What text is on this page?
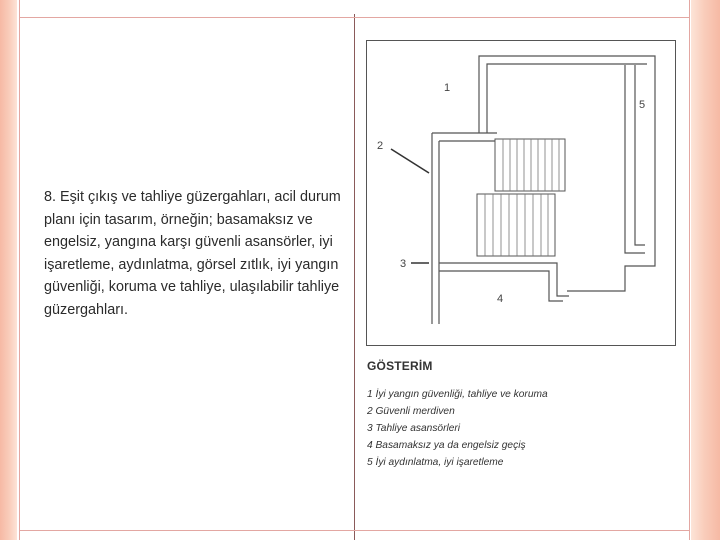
8. Eşit çıkış ve tahliye güzergahları, acil durum planı için tasarım, örneğin; basamaksız ve engelsiz, yangına karşı güvenli asansörler, iyi işaretleme, aydınlatma, görsel zıtlık, iyi yangın güvenliği, koruma ve tahliye, ulaşılabilir tahliye güzergahları.
1
2
3
4
5
GÖSTERİM
1 İyi yangın güvenliği, tahliye ve koruma
2 Güvenli merdiven
3 Tahliye asansörleri
4 Basamaksız ya da engelsiz geçiş
5 İyi aydınlatma, iyi işaretleme
